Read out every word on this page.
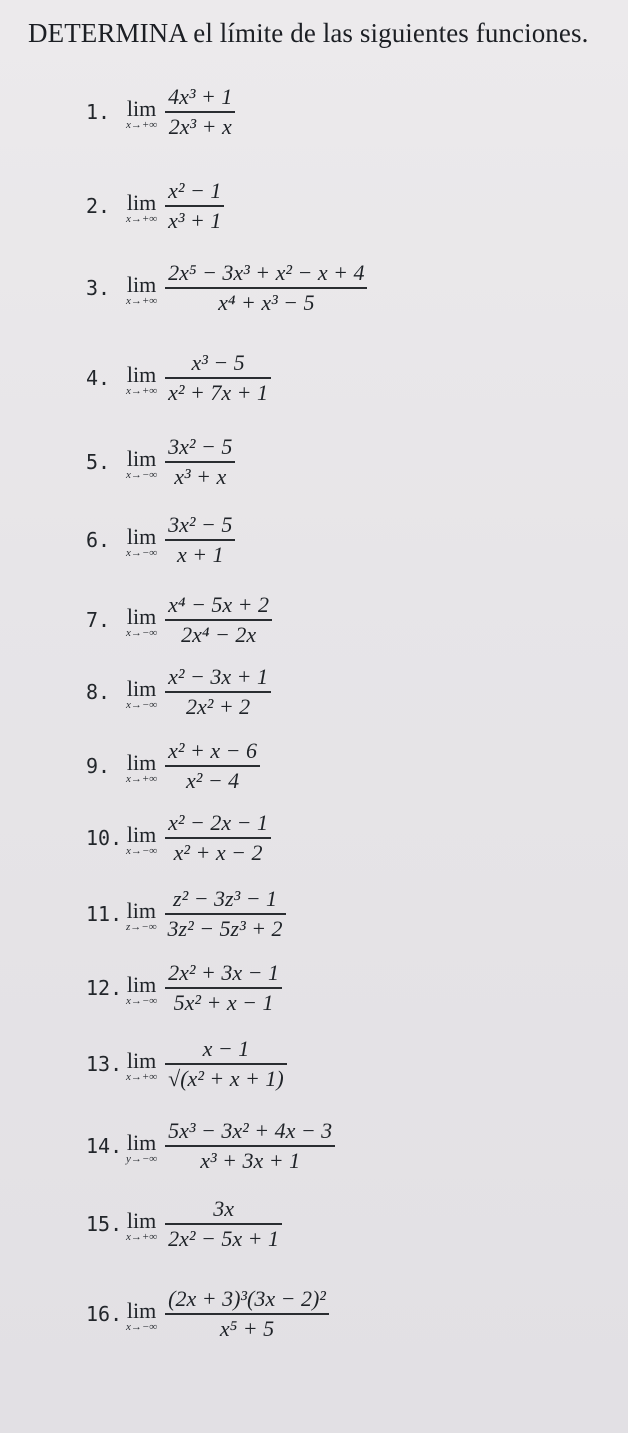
DETERMINA el límite de las siguientes funciones.
1. lim
$x\to+\infty \frac{\text{4x³ + 1}}{\text{2x³ + x}}$
2. lim
$x\to+\infty \frac{\text{x² − 1}}{\text{x³ + 1}}$
3. lim
$x\to+\infty \frac{\text{2x⁵ − 3x³ + x² − x + 4}}{\text{x⁴ + x³ − 5}}$
4. lim
$x\to+\infty \frac{\text{x³ − 5}}{\text{x² + 7x + 1}}$
5. lim
$x\to-\infty \frac{\text{3x² − 5}}{\text{x³ + x}}$
6. lim
$x\to-\infty \frac{\text{3x² − 5}}{x + 1}$
7. lim
$x\to-\infty \frac{\text{x⁴ − 5x + 2}}{\text{2x⁴ − 2x}}$
8. lim
$x\to-\infty \frac{\text{x² − 3x + 1}}{\text{2x² + 2}}$
9. lim
$x\to+\infty \frac{\text{x² + x − 6}}{\text{x² − 4}}$
10. lim
$x\to-\infty \frac{\text{x² − 2x − 1}}{\text{x² + x − 2}}$
11. lim
$z\to-\infty \frac{\text{z² − 3z³ − 1}}{\text{3z² − 5z³ + 2}}$
12. lim
$x\to-\infty \frac{\text{2x² + 3x − 1}}{\text{5x² + x − 1}}$
13. lim
$x\to+\infty \frac{x - 1}{\text{√(x² + x + 1)}}$
14. lim
$y\to-\infty \frac{\text{5x³ − 3x² + 4x − 3}}{\text{x³ + 3x + 1}}$
15. lim
$x\to+\infty \frac{3x}{\text{2x² − 5x + 1}}$
16. lim
$x\to-\infty \frac{\text{(2x + 3)³(3x − 2)²}}{\text{x⁵ + 5}}$
